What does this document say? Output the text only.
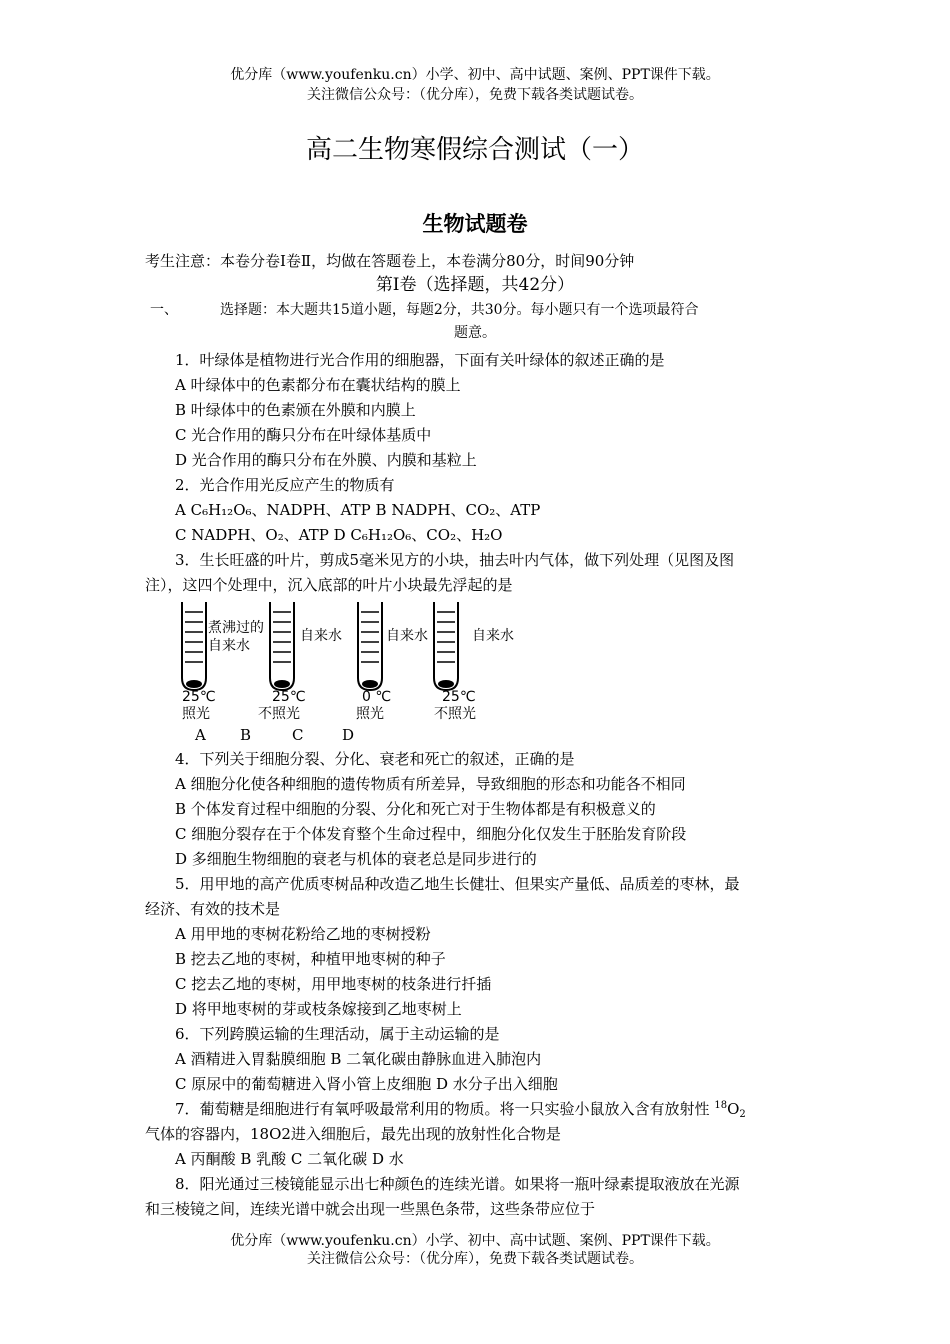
优分库（www.youfenku.cn）小学、初中、高中试题、案例、PPT课件下载。
关注微信公众号：（优分库），免费下载各类试题试卷。
高二生物寒假综合测试（一）
生物试题卷
考生注意：本卷分卷Ⅰ卷Ⅱ，均做在答题卷上，本卷满分80分，时间90分钟
第Ⅰ卷（选择题，共42分）
一、	选择题：本大题共15道小题，每题2分，共30分。每小题只有一个选项最符合
题意。
1．叶绿体是植物进行光合作用的细胞器，下面有关叶绿体的叙述正确的是
A 叶绿体中的色素都分布在囊状结构的膜上
B 叶绿体中的色素颁在外膜和内膜上
C 光合作用的酶只分布在叶绿体基质中
D 光合作用的酶只分布在外膜、内膜和基粒上
2．光合作用光反应产生的物质有
A C₆H₁₂O₆、NADPH、ATP B NADPH、CO₂、ATP
C NADPH、O₂、ATP D C₆H₁₂O₆、CO₂、H₂O
3．生长旺盛的叶片，剪成5毫米见方的小块，抽去叶内气体，做下列处理（见图及图
注），这四个处理中，沉入底部的叶片小块最先浮起的是
煮沸过的
自来水
25℃
照光
自来水
25℃
不照光
自来水
0 ℃
照光
自来水
25℃
不照光
A B	C	D
4．下列关于细胞分裂、分化、衰老和死亡的叙述，正确的是
A 细胞分化使各种细胞的遗传物质有所差异，导致细胞的形态和功能各不相同
B 个体发育过程中细胞的分裂、分化和死亡对于生物体都是有积极意义的
C 细胞分裂存在于个体发育整个生命过程中，细胞分化仅发生于胚胎发育阶段
D 多细胞生物细胞的衰老与机体的衰老总是同步进行的
5．用甲地的高产优质枣树品种改造乙地生长健壮、但果实产量低、品质差的枣林，最
经济、有效的技术是
A 用甲地的枣树花粉给乙地的枣树授粉
B 挖去乙地的枣树，种植甲地枣树的种子
C 挖去乙地的枣树，用甲地枣树的枝条进行扦插
D 将甲地枣树的芽或枝条嫁接到乙地枣树上
6．下列跨膜运输的生理活动，属于主动运输的是
A 酒精进入胃黏膜细胞 B 二氧化碳由静脉血进入肺泡内
C 原尿中的葡萄糖进入肾小管上皮细胞 D 水分子出入细胞
7．葡萄糖是细胞进行有氧呼吸最常利用的物质。将一只实验小鼠放入含有放射性 $^{18}O_2$
气体的容器内，18O2进入细胞后，最先出现的放射性化合物是
A 丙酮酸 B 乳酸 C 二氧化碳 D 水
8．阳光通过三棱镜能显示出七种颜色的连续光谱。如果将一瓶叶绿素提取液放在光源
和三棱镜之间，连续光谱中就会出现一些黑色条带，这些条带应位于
优分库（www.youfenku.cn）小学、初中、高中试题、案例、PPT课件下载。
关注微信公众号：（优分库），免费下载各类试题试卷。
